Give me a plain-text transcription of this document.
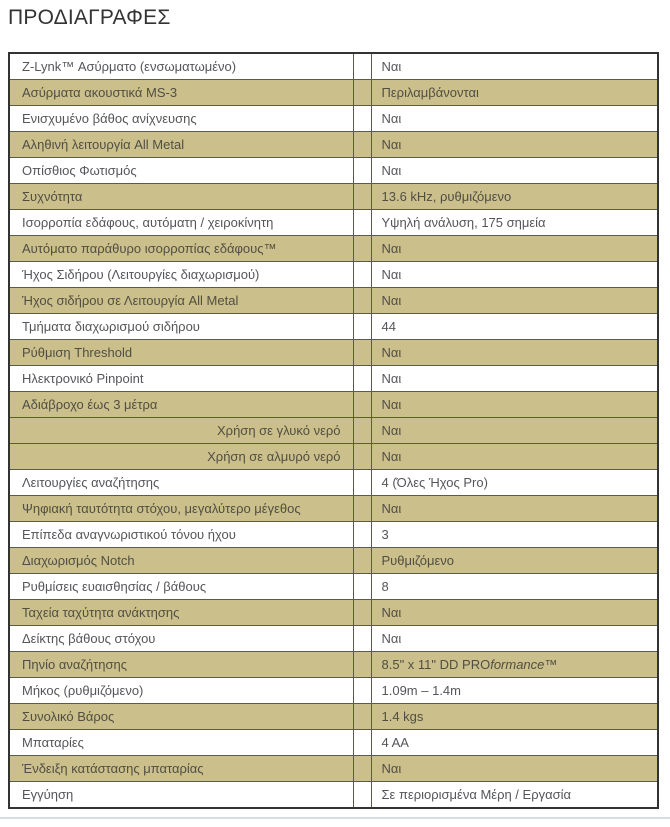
ΠΡΟΔΙΑΓΡΑΦΕΣ
Z-Lynk™ Ασύρματο (ενσωματωμένο)		Ναι
Ασύρματα ακουστικά MS-3		Περιλαμβάνονται
Ενισχυμένο βάθος ανίχνευσης		Ναι
Αληθινή λειτουργία All Metal		Ναι
Οπίσθιος Φωτισμός		Ναι
Συχνότητα		13.6 kHz, ρυθμιζόμενο
Ισορροπία εδάφους, αυτόματη / χειροκίνητη		Υψηλή ανάλυση, 175 σημεία
Αυτόματο παράθυρο ισορροπίας εδάφους™		Ναι
Ήχος Σιδήρου (Λειτουργίες διαχωρισμού)		Ναι
Ήχος σιδήρου σε Λειτουργία All Metal		Ναι
Τμήματα διαχωρισμού σιδήρου		44
Ρύθμιση Threshold		Ναι
Ηλεκτρονικό Pinpoint		Ναι
Αδιάβροχο έως 3 μέτρα		Ναι
Χρήση σε γλυκό νερό		Ναι
Χρήση σε αλμυρό νερό		Ναι
Λειτουργίες αναζήτησης		4 (Όλες Ήχος Pro)
Ψηφιακή ταυτότητα στόχου, μεγαλύτερο μέγεθος		Ναι
Επίπεδα αναγνωριστικού τόνου ήχου		3
Διαχωρισμός Notch		Ρυθμιζόμενο
Ρυθμίσεις ευαισθησίας / βάθους		8
Ταχεία ταχύτητα ανάκτησης		Ναι
Δείκτης βάθους στόχου		Ναι
Πηνίο αναζήτησης		8.5" x 11" DD PROformance™
Μήκος (ρυθμιζόμενο)		1.09m – 1.4m
Συνολικό Βάρος		1.4 kgs
Μπαταρίες		4 AA
Ένδειξη κατάστασης μπαταρίας		Ναι
Εγγύηση		Σε περιορισμένα Μέρη / Εργασία
